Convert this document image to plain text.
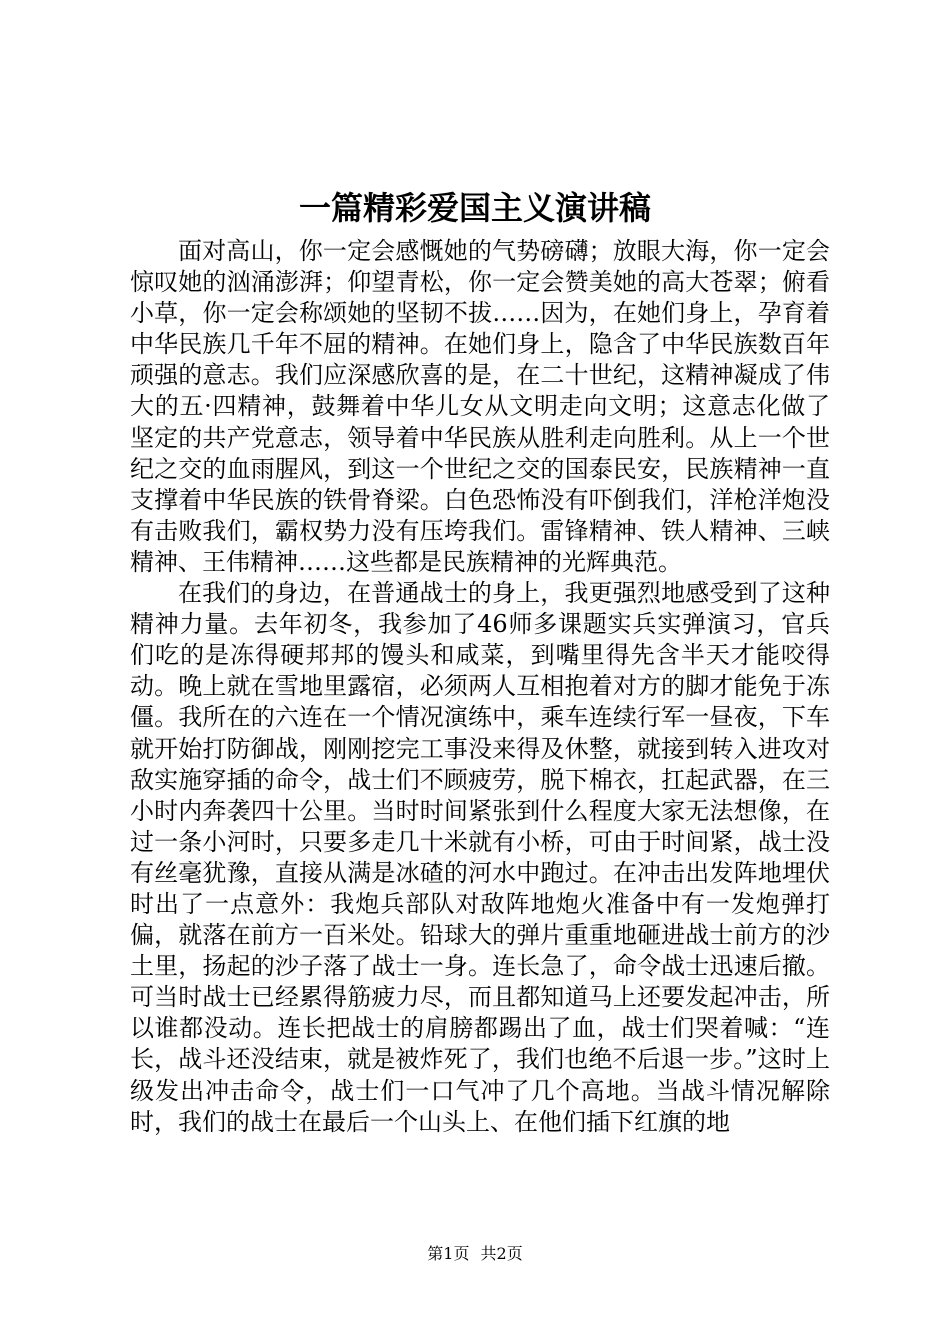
一篇精彩爱国主义演讲稿

面对高山，你一定会感慨她的气势磅礴；放眼大海，你一定会惊叹她的汹涌澎湃；仰望青松，你一定会赞美她的高大苍翠；俯看小草，你一定会称颂她的坚韧不拔……因为，在她们身上，孕育着中华民族几千年不屈的精神。在她们身上，隐含了中华民族数百年顽强的意志。我们应深感欣喜的是，在二十世纪，这精神凝成了伟大的五·四精神，鼓舞着中华儿女从文明走向文明；这意志化做了坚定的共产党意志，领导着中华民族从胜利走向胜利。从上一个世纪之交的血雨腥风，到这一个世纪之交的国泰民安，民族精神一直支撑着中华民族的铁骨脊梁。白色恐怖没有吓倒我们，洋枪洋炮没有击败我们，霸权势力没有压垮我们。雷锋精神、铁人精神、三峡精神、王伟精神……这些都是民族精神的光辉典范。

在我们的身边，在普通战士的身上，我更强烈地感受到了这种精神力量。去年初冬，我参加了46师多课题实兵实弹演习，官兵们吃的是冻得硬邦邦的馒头和咸菜，到嘴里得先含半天才能咬得动。晚上就在雪地里露宿，必须两人互相抱着对方的脚才能免于冻僵。我所在的六连在一个情况演练中，乘车连续行军一昼夜，下车就开始打防御战，刚刚挖完工事没来得及休整，就接到转入进攻对敌实施穿插的命令，战士们不顾疲劳，脱下棉衣，扛起武器，在三小时内奔袭四十公里。当时时间紧张到什么程度大家无法想像，在过一条小河时，只要多走几十米就有小桥，可由于时间紧，战士没有丝毫犹豫，直接从满是冰碴的河水中跑过。在冲击出发阵地埋伏时出了一点意外：我炮兵部队对敌阵地炮火准备中有一发炮弹打偏，就落在前方一百米处。铅球大的弹片重重地砸进战士前方的沙土里，扬起的沙子落了战士一身。连长急了，命令战士迅速后撤。可当时战士已经累得筋疲力尽，而且都知道马上还要发起冲击，所以谁都没动。连长把战士的肩膀都踢出了血，战士们哭着喊：“连长，战斗还没结束，就是被炸死了，我们也绝不后退一步。”这时上级发出冲击命令，战士们一口气冲了几个高地。当战斗情况解除时，我们的战士在最后一个山头上、在他们插下红旗的地

第1页 共2页
